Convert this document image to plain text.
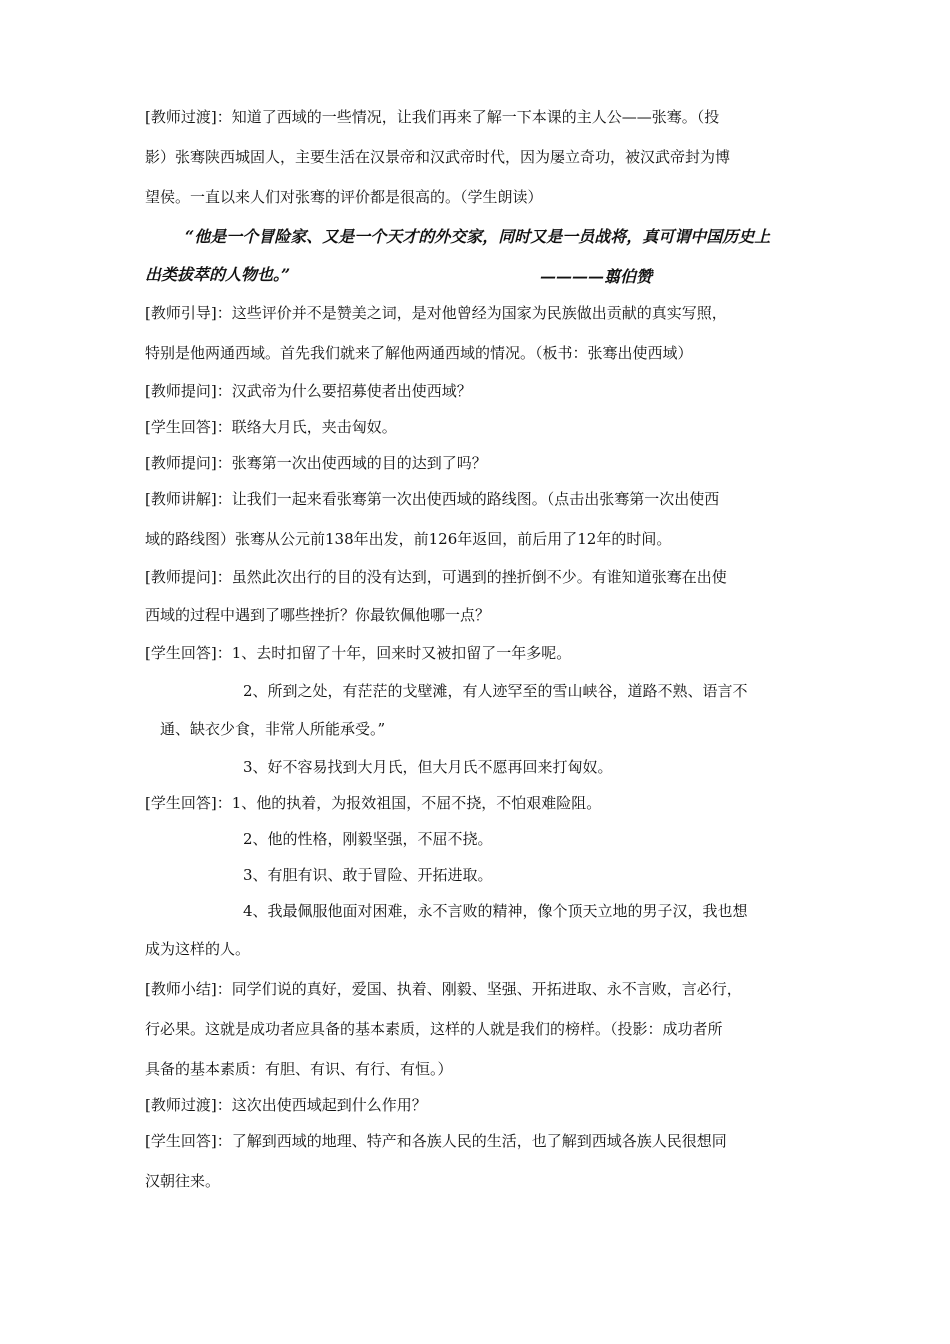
[教师过渡]：知道了西域的一些情况，让我们再来了解一下本课的主人公——张骞。（投
影）张骞陕西城固人，主要生活在汉景帝和汉武帝时代，因为屡立奇功，被汉武帝封为博
望侯。一直以来人们对张骞的评价都是很高的。（学生朗读）
“他是一个冒险家、又是一个天才的外交家，同时又是一员战将，真可谓中国历史上
出类拔萃的人物也。”	————翦伯赞
[教师引导]：这些评价并不是赞美之词，是对他曾经为国家为民族做出贡献的真实写照，
特别是他两通西域。首先我们就来了解他两通西域的情况。（板书：张骞出使西域）
[教师提问]：汉武帝为什么要招募使者出使西域？
[学生回答]：联络大月氏，夹击匈奴。
[教师提问]：张骞第一次出使西域的目的达到了吗？
[教师讲解]：让我们一起来看张骞第一次出使西域的路线图。（点击出张骞第一次出使西
域的路线图）张骞从公元前138年出发，前126年返回，前后用了12年的时间。
[教师提问]：虽然此次出行的目的没有达到，可遇到的挫折倒不少。有谁知道张骞在出使
西域的过程中遇到了哪些挫折？你最钦佩他哪一点？
[学生回答]：1、去时扣留了十年，回来时又被扣留了一年多呢。
2、所到之处，有茫茫的戈壁滩，有人迹罕至的雪山峡谷，道路不熟、语言不
通、缺衣少食，非常人所能承受。”
3、好不容易找到大月氏，但大月氏不愿再回来打匈奴。
[学生回答]：1、他的执着，为报效祖国，不屈不挠，不怕艰难险阻。
2、他的性格，刚毅坚强，不屈不挠。
3、有胆有识、敢于冒险、开拓进取。
4、我最佩服他面对困难，永不言败的精神，像个顶天立地的男子汉，我也想
成为这样的人。
[教师小结]：同学们说的真好，爱国、执着、刚毅、坚强、开拓进取、永不言败，言必行，
行必果。这就是成功者应具备的基本素质，这样的人就是我们的榜样。（投影：成功者所
具备的基本素质：有胆、有识、有行、有恒。）
[教师过渡]：这次出使西域起到什么作用？
[学生回答]：了解到西域的地理、特产和各族人民的生活，也了解到西域各族人民很想同
汉朝往来。
